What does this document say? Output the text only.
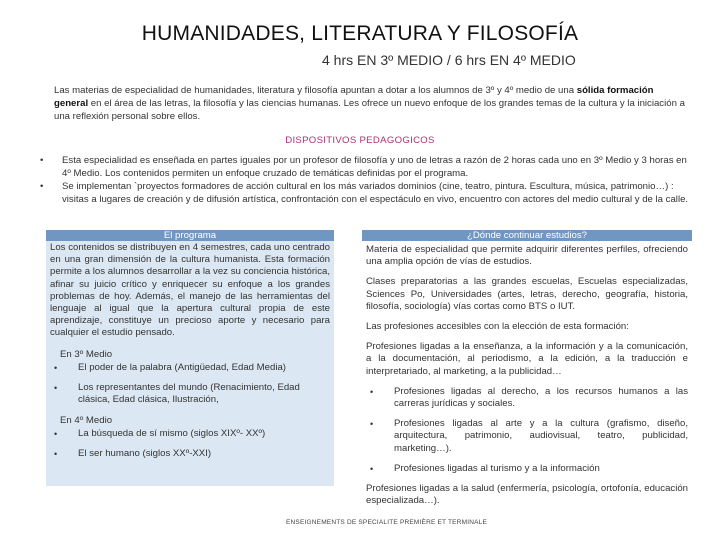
HUMANIDADES, LITERATURA Y FILOSOFÍA
4 hrs EN 3º MEDIO / 6 hrs EN 4º MEDIO
Las materias de especialidad de humanidades, literatura y filosofía apuntan a dotar a los alumnos de 3º y 4º medio de una sólida formación general en el área de las letras, la filosofía y las ciencias humanas. Les ofrece un nuevo enfoque de los grandes temas de la cultura y la iniciación a una reflexión personal sobre ellos.
DISPOSITIVOS PEDAGOGICOS
• Esta especialidad es enseñada en partes iguales por un profesor de filosofía y uno de letras a razón de 2 horas cada uno en 3º Medio y 3 horas en 4º Medio. Los contenidos permiten un enfoque cruzado de temáticas definidas por el programa.
• Se implementan `proyectos formadores de acción cultural en los más variados dominios (cine, teatro, pintura. Escultura, música, patrimonio…) : visitas a lugares de creación y de difusión artística, confrontación con el espectáculo en vivo, encuentro con actores del medio cultural y de la calle.
El programa
Los contenidos se distribuyen en 4 semestres, cada uno centrado en una gran dimensión de la cultura humanista. Esta formación permite a los alumnos desarrollar a la vez su conciencia histórica, afinar su juicio crítico y enriquecer su enfoque a los grandes problemas de hoy. Además, el manejo de las herramientas del lenguaje al igual que la apertura cultural propia de este aprendizaje, constituye un precioso aporte y necesario para cualquier el estudio pensado.
En 3º Medio
• El poder de la palabra (Antigüedad, Edad Media)
• Los representantes del mundo (Renacimiento, Edad clásica, Edad clásica, Ilustración,
En 4º Medio
• La búsqueda de sí mismo (siglos XIXº- XXº)
• El ser humano (siglos XXº-XXI)
¿Dónde continuar estudios?

Materia de especialidad que permite adquirir diferentes perfiles, ofreciendo una amplia opción de vías de estudios.

Clases preparatorias a las grandes escuelas, Escuelas especializadas, Sciences Po, Universidades (artes, letras, derecho, geografía, historia, filosofía, sociología) vías cortas como BTS o IUT.

Las profesiones accesibles con la elección de esta formación:

Profesiones ligadas a la enseñanza, a la información y a la comunicación, a la documentación, al periodismo, a la edición, a la traducción e interpretariado, al marketing, a la publicidad…

• Profesiones ligadas al derecho, a los recursos humanos a las carreras jurídicas y sociales.
• Profesiones ligadas al arte y a la cultura (grafismo, diseño, arquitectura, patrimonio, audiovisual, teatro, publicidad, marketing…).
• Profesiones ligadas al turismo y a la información

Profesiones ligadas a la salud (enfermería, psicología, ortofonía, educación especializada…).

ENSEIGNEMENTS DE SPECIALITE PREMIÈRE ET TERMINALE
